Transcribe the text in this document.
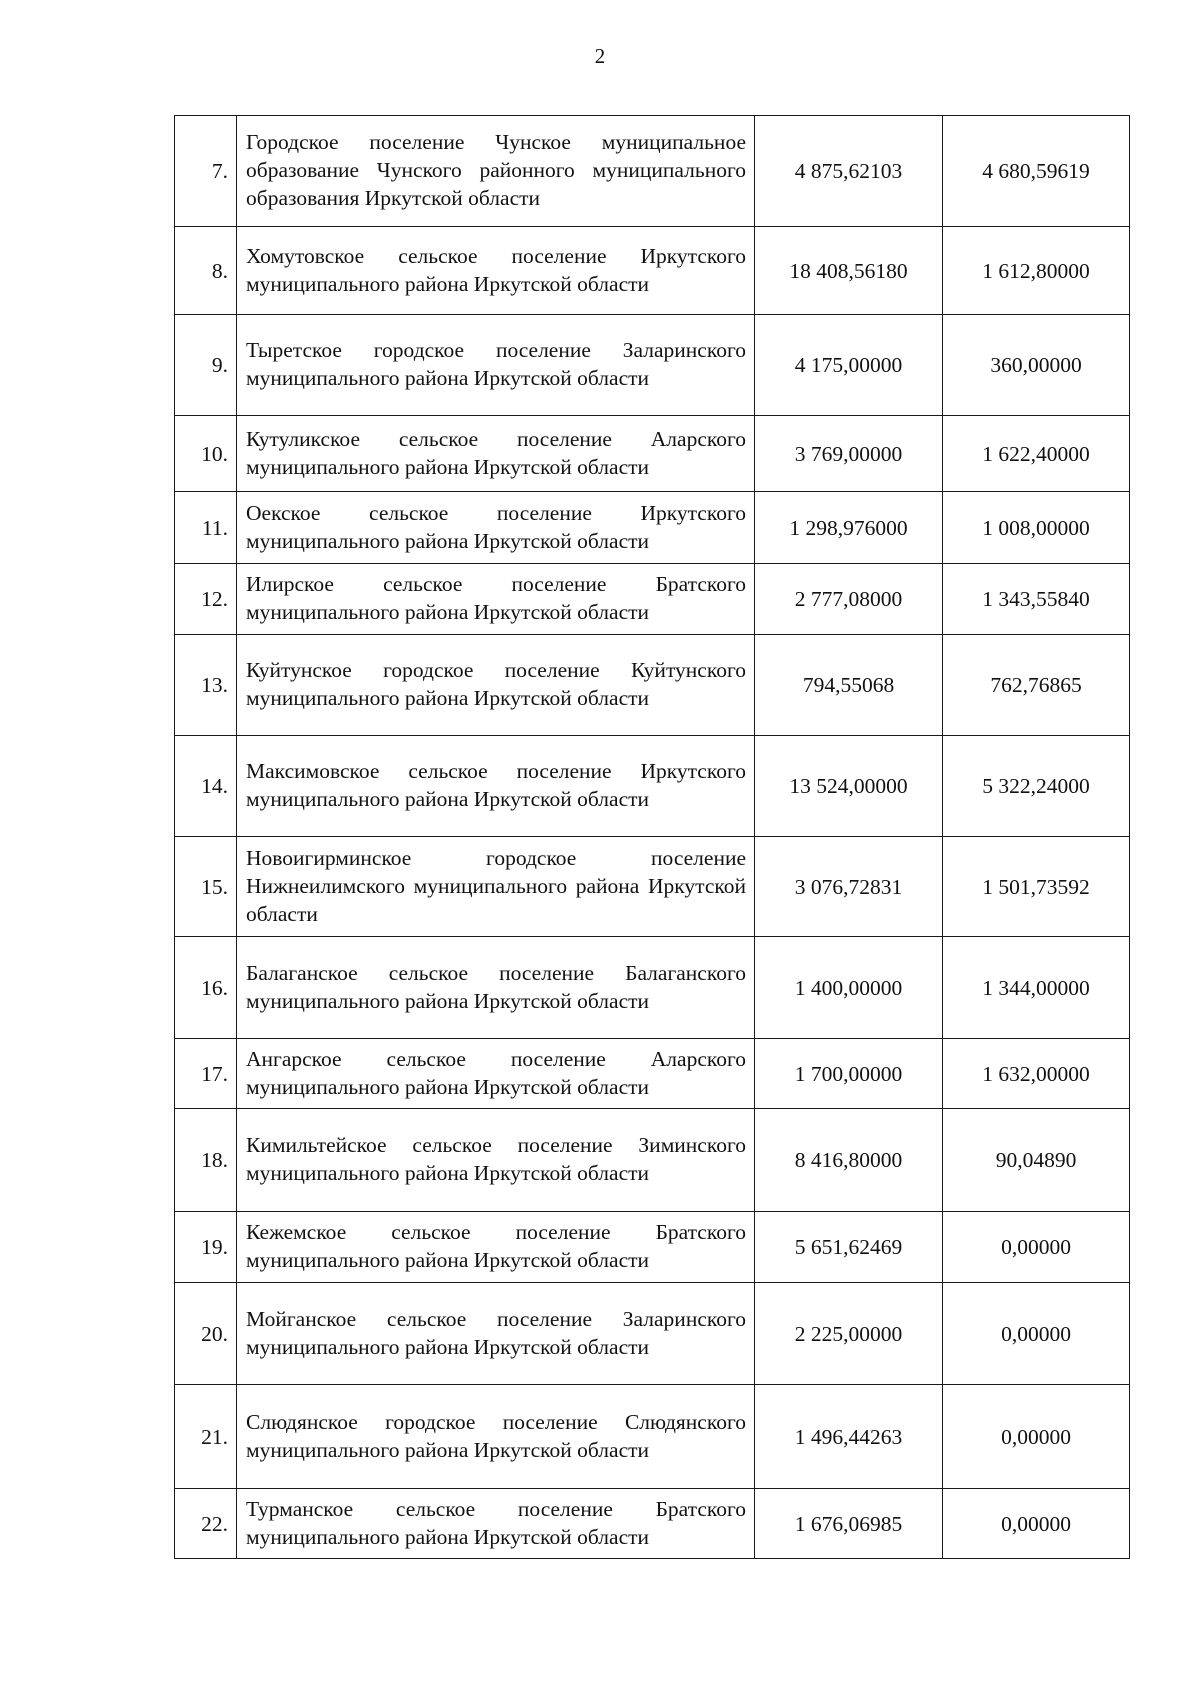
2
7.	Городское поселение Чунское муниципальное образование Чунского районного муниципального образования Иркутской области	4 875,62103	4 680,59619
8.	Хомутовское сельское поселение Иркутского муниципального района Иркутской области	18 408,56180	1 612,80000
9.	Тыретское городское поселение Заларинского муниципального района Иркутской области	4 175,00000	360,00000
10.	Кутуликское сельское поселение Аларского муниципального района Иркутской области	3 769,00000	1 622,40000
11.	Оекское сельское поселение Иркутского муниципального района Иркутской области	1 298,976000	1 008,00000
12.	Илирское сельское поселение Братского муниципального района Иркутской области	2 777,08000	1 343,55840
13.	Куйтунское городское поселение Куйтунского муниципального района Иркутской области	794,55068	762,76865
14.	Максимовское сельское поселение Иркутского муниципального района Иркутской области	13 524,00000	5 322,24000
15.	Новоигирминское городское поселение Нижнеилимского муниципального района Иркутской области	3 076,72831	1 501,73592
16.	Балаганское сельское поселение Балаганского муниципального района Иркутской области	1 400,00000	1 344,00000
17.	Ангарское сельское поселение Аларского муниципального района Иркутской области	1 700,00000	1 632,00000
18.	Кимильтейское сельское поселение Зиминского муниципального района Иркутской области	8 416,80000	90,04890
19.	Кежемское сельское поселение Братского муниципального района Иркутской области	5 651,62469	0,00000
20.	Мойганское сельское поселение Заларинского муниципального района Иркутской области	2 225,00000	0,00000
21.	Слюдянское городское поселение Слюдянского муниципального района Иркутской области	1 496,44263	0,00000
22.	Турманское сельское поселение Братского муниципального района Иркутской области	1 676,06985	0,00000
